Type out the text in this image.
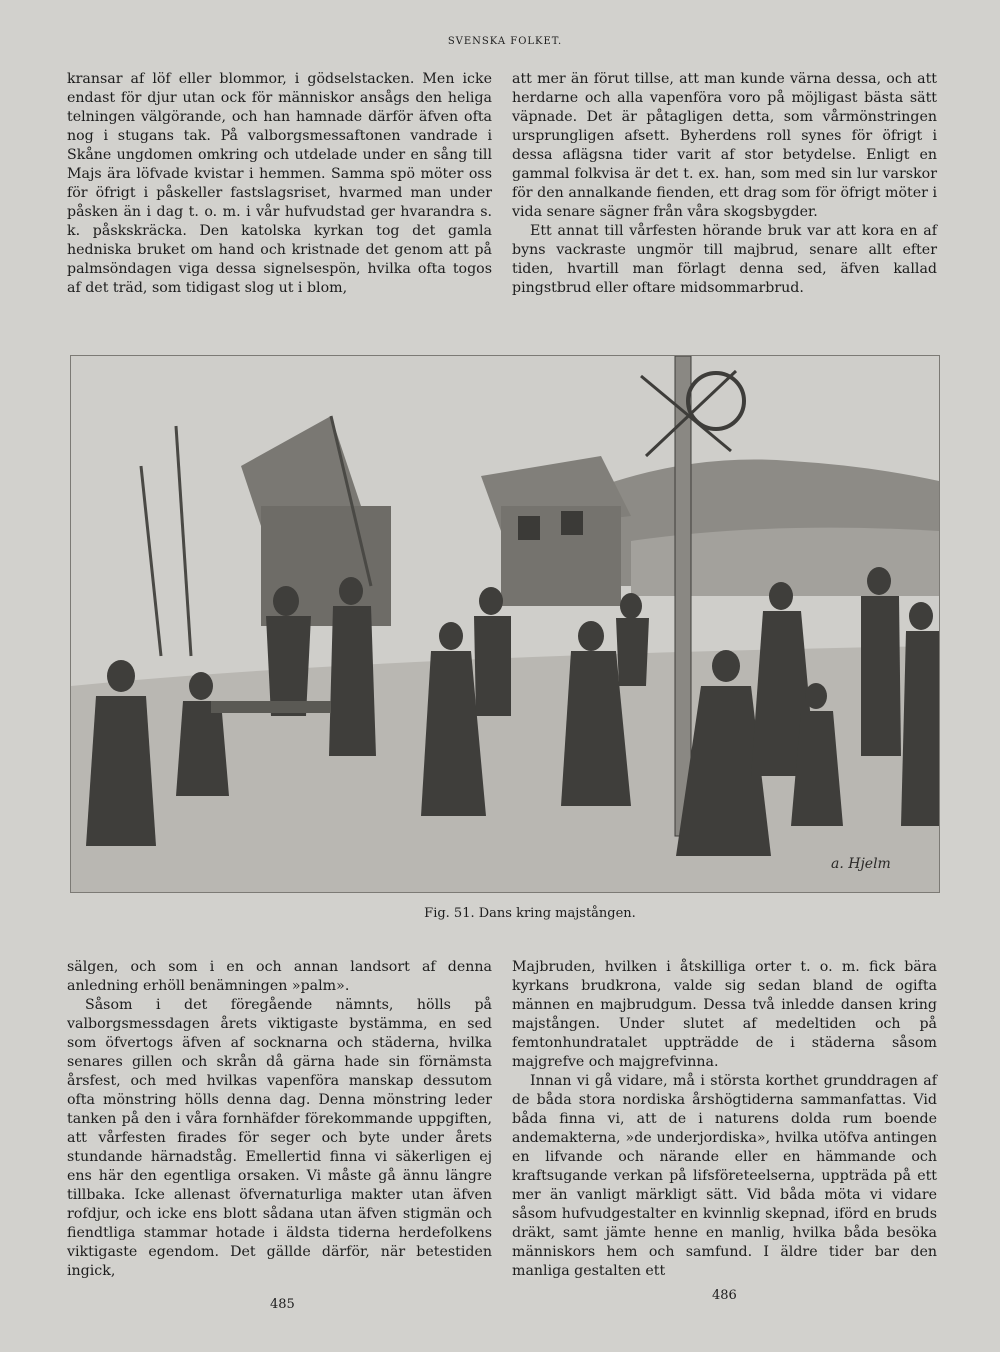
SVENSKA FOLKET.

kransar af löf eller blommor, i gödselstacken. Men icke endast för djur utan ock för människor ansågs den heliga telningen välgörande, och han hamnade därför äfven ofta nog i stugans tak. På valborgsmessaftonen vandrade i Skåne ungdomen omkring och utdelade under en sång till Majs ära löfvade kvistar i hemmen. Samma spö möter oss för öfrigt i påskeller fastslagsriset, hvarmed man under påsken än i dag t. o. m. i vår hufvudstad ger hvarandra s. k. påskskräcka. Den katolska kyrkan tog det gamla hedniska bruket om hand och kristnade det genom att på palmsöndagen viga dessa signelsespön, hvilka ofta togos af det träd, som tidigast slog ut i blom,

att mer än förut tillse, att man kunde värna dessa, och att herdarne och alla vapenföra voro på möjligast bästa sätt väpnade. Det är påtagligen detta, som vårmönstringen ursprungligen afsett. Byherdens roll synes för öfrigt i dessa aflägsna tider varit af stor betydelse. Enligt en gammal folkvisa är det t. ex. han, som med sin lur varskor för den annalkande fienden, ett drag som för öfrigt möter i vida senare sägner från våra skogsbygder.

Ett annat till vårfesten hörande bruk var att kora en af byns vackraste ungmör till majbrud, senare allt efter tiden, hvartill man förlagt denna sed, äfven kallad pingstbrud eller oftare midsommarbrud.

a. Hjelm
Fig. 51. Dans kring majstången.

sälgen, och som i en och annan landsort af denna anledning erhöll benämningen »palm».

Såsom i det föregående nämnts, hölls på valborgsmessdagen årets viktigaste bystämma, en sed som öfvertogs äfven af socknarna och städerna, hvilka senares gillen och skrån då gärna hade sin förnämsta årsfest, och med hvilkas vapenföra manskap dessutom ofta mönstring hölls denna dag. Denna mönstring leder tanken på den i våra fornhäfder förekommande uppgiften, att vårfesten firades för seger och byte under årets stundande härnadståg. Emellertid finna vi säkerligen ej ens här den egentliga orsaken. Vi måste gå ännu längre tillbaka. Icke allenast öfvernaturliga makter utan äfven rofdjur, och icke ens blott sådana utan äfven stigmän och fiendtliga stammar hotade i äldsta tiderna herdefolkens viktigaste egendom. Det gällde därför, när betestiden ingick,

Majbruden, hvilken i åtskilliga orter t. o. m. fick bära kyrkans brudkrona, valde sig sedan bland de ogifta männen en majbrudgum. Dessa två inledde dansen kring majstången. Under slutet af medeltiden och på femtonhundratalet uppträdde de i städerna såsom majgrefve och majgrefvinna.

Innan vi gå vidare, må i största korthet grunddragen af de båda stora nordiska årshögtiderna sammanfattas. Vid båda finna vi, att de i naturens dolda rum boende andemakterna, »de underjordiska», hvilka utöfva antingen en lifvande och närande eller en hämmande och kraftsugande verkan på lifsföreteelserna, uppträda på ett mer än vanligt märkligt sätt. Vid båda möta vi vidare såsom hufvudgestalter en kvinnlig skepnad, iförd en bruds dräkt, samt jämte henne en manlig, hvilka båda besöka människors hem och samfund. I äldre tider bar den manliga gestalten ett

485
486
